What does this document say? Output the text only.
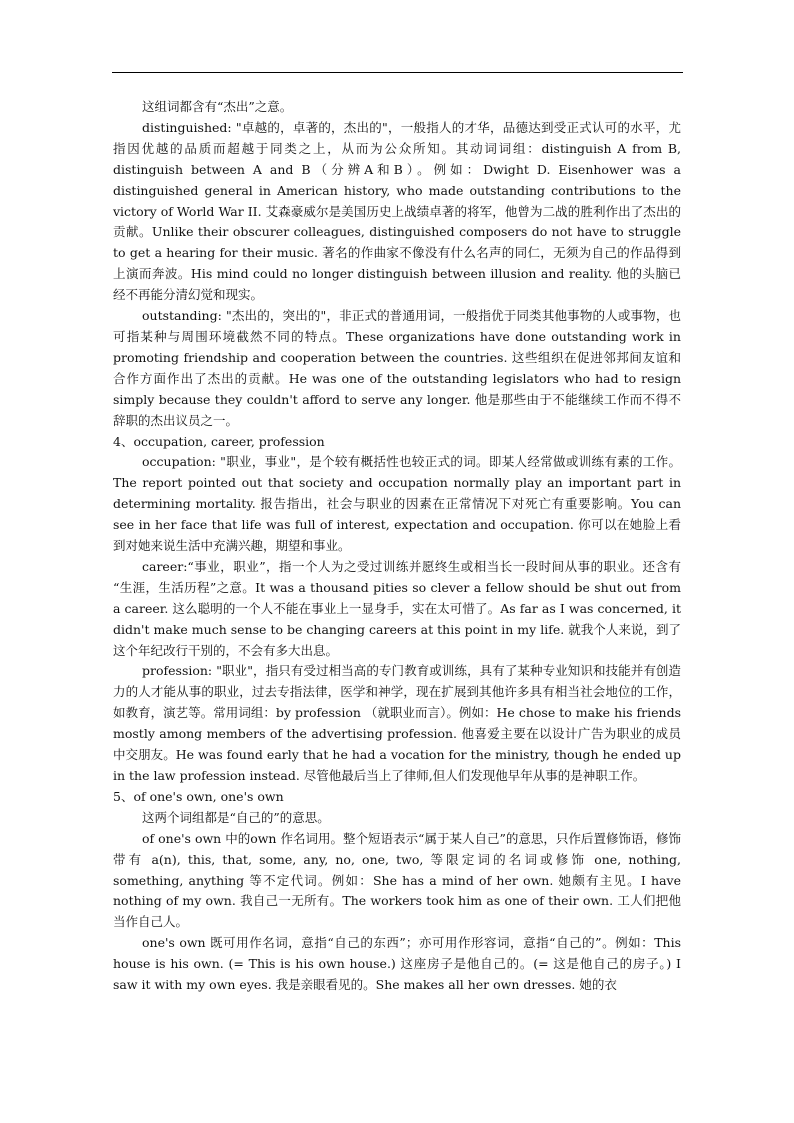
这组词都含有“杰出”之意。

distinguished: "卓越的，卓著的，杰出的"，一般指人的才华，品德达到受正式认可的水平，尤指因优越的品质而超越于同类之上，从而为公众所知。其动词词组：distinguish A from B, distinguish between A and B（分辨A和B）。例如：Dwight D. Eisenhower was a distinguished general in American history, who made outstanding contributions to the victory of World War II. 艾森豪威尔是美国历史上战绩卓著的将军，他曾为二战的胜利作出了杰出的贡献。Unlike their obscurer colleagues, distinguished composers do not have to struggle to get a hearing for their music. 著名的作曲家不像没有什么名声的同仁，无须为自己的作品得到上演而奔波。His mind could no longer distinguish between illusion and reality. 他的头脑已经不再能分清幻觉和现实。

outstanding: "杰出的，突出的"，非正式的普通用词，一般指优于同类其他事物的人或事物，也可指某种与周围环境截然不同的特点。These organizations have done outstanding work in promoting friendship and cooperation between the countries. 这些组织在促进邻邦间友谊和合作方面作出了杰出的贡献。He was one of the outstanding legislators who had to resign simply because they couldn't afford to serve any longer. 他是那些由于不能继续工作而不得不辞职的杰出议员之一。

4、occupation, career, profession

occupation: "职业，事业"，是个较有概括性也较正式的词。即某人经常做或训练有素的工作。The report pointed out that society and occupation normally play an important part in determining mortality. 报告指出，社会与职业的因素在正常情况下对死亡有重要影响。You can see in her face that life was full of interest, expectation and occupation. 你可以在她脸上看到对她来说生活中充满兴趣，期望和事业。

career:“事业，职业”，指一个人为之受过训练并愿终生或相当长一段时间从事的职业。还含有 “生涯，生活历程”之意。It was a thousand pities so clever a fellow should be shut out from a career. 这么聪明的一个人不能在事业上一显身手，实在太可惜了。As far as I was concerned, it didn't make much sense to be changing careers at this point in my life. 就我个人来说，到了这个年纪改行干别的，不会有多大出息。

profession: "职业"，指只有受过相当高的专门教育或训练，具有了某种专业知识和技能并有创造力的人才能从事的职业，过去专指法律，医学和神学，现在扩展到其他许多具有相当社会地位的工作，如教育，演艺等。常用词组：by profession （就职业而言）。例如：He chose to make his friends mostly among members of the advertising profession. 他喜爱主要在以设计广告为职业的成员中交朋友。He was found early that he had a vocation for the ministry, though he ended up in the law profession instead. 尽管他最后当上了律师,但人们发现他早年从事的是神职工作。

5、of one's own, one's own

这两个词组都是“自己的”的意思。

of one's own 中的own 作名词用。整个短语表示“属于某人自己”的意思，只作后置修饰语，修饰带有 a(n), this, that, some, any, no, one, two, 等限定词的名词或修饰 one, nothing, something, anything 等不定代词。例如：She has a mind of her own. 她颇有主见。I have nothing of my own. 我自己一无所有。The workers took him as one of their own. 工人们把他当作自己人。

one's own 既可用作名词，意指“自己的东西”；亦可用作形容词，意指“自己的”。例如：This house is his own. (= This is his own house.) 这座房子是他自己的。(= 这是他自己的房子。) I saw it with my own eyes. 我是亲眼看见的。She makes all her own dresses. 她的衣
